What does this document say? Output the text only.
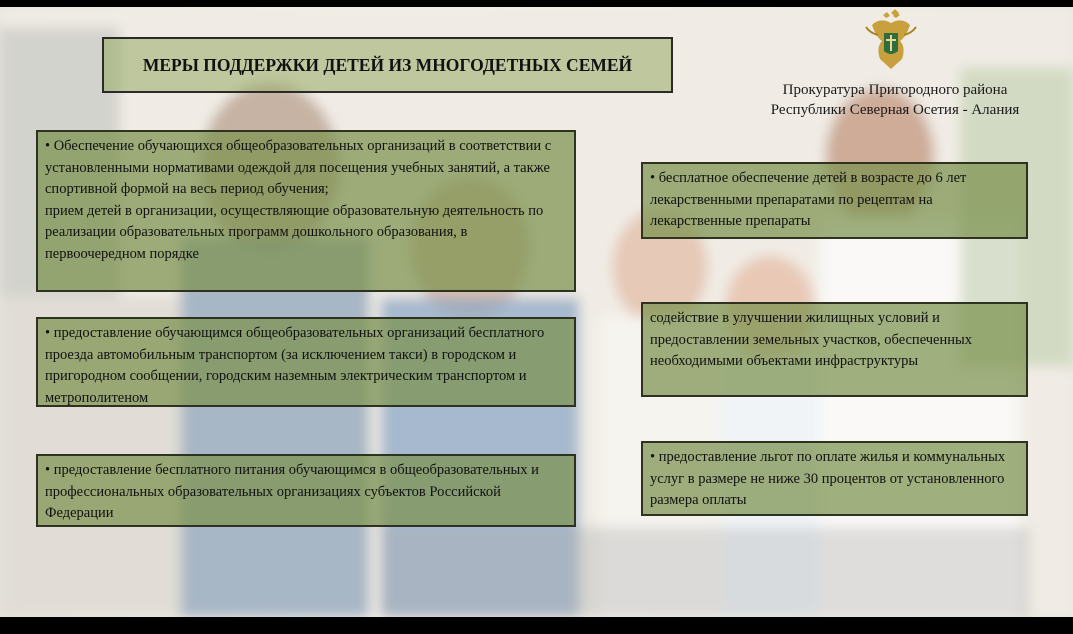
МЕРЫ ПОДДЕРЖКИ ДЕТЕЙ ИЗ МНОГОДЕТНЫХ СЕМЕЙ
Прокуратура Пригородного района
Республики Северная Осетия - Алания

• Обеспечение обучающихся общеобразовательных организаций в соответствии с установленными нормативами одеждой для посещения учебных занятий, а также спортивной формой на весь период обучения;

прием детей в организации, осуществляющие образовательную деятельность по реализации образовательных программ дошкольного образования, в первоочередном порядке

• предоставление обучающимся общеобразовательных организаций бесплатного проезда автомобильным транспортом (за исключением такси) в городском и пригородном сообщении, городским наземным электрическим транспортом и метрополитеном

• предоставление бесплатного питания обучающимся в общеобразовательных и профессиональных образовательных организациях субъектов Российской Федерации

• бесплатное обеспечение детей в возрасте до 6 лет лекарственными препаратами по рецептам на лекарственные препараты

содействие в улучшении жилищных условий и предоставлении земельных участков, обеспеченных необходимыми объектами инфраструктуры

• предоставление льгот по оплате жилья и коммунальных услуг в размере не ниже 30 процентов от установленного размера оплаты
